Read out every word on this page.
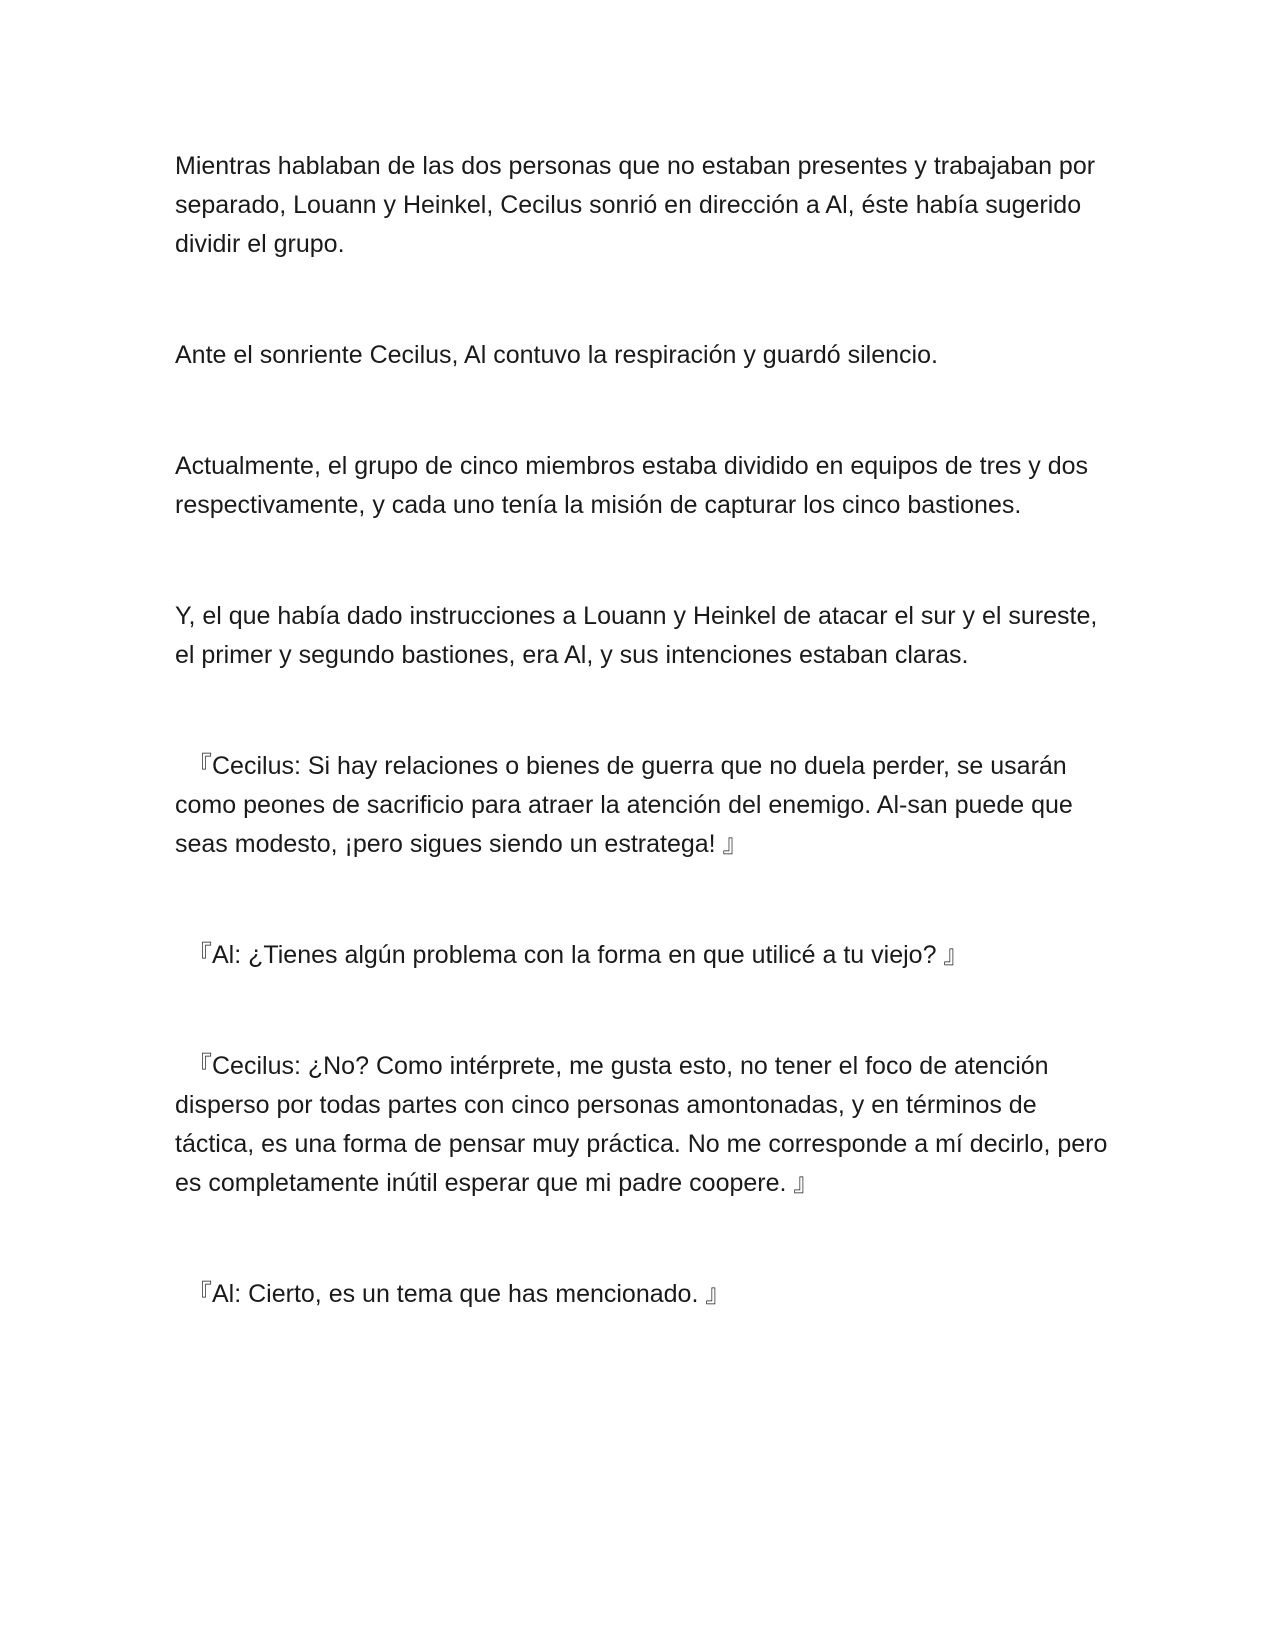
Mientras hablaban de las dos personas que no estaban presentes y trabajaban por separado, Louann y Heinkel, Cecilus sonrió en dirección a Al, éste había sugerido dividir el grupo.

Ante el sonriente Cecilus, Al contuvo la respiración y guardó silencio.

Actualmente, el grupo de cinco miembros estaba dividido en equipos de tres y dos respectivamente, y cada uno tenía la misión de capturar los cinco bastiones.

Y, el que había dado instrucciones a Louann y Heinkel de atacar el sur y el sureste, el primer y segundo bastiones, era Al, y sus intenciones estaban claras.

『Cecilus: Si hay relaciones o bienes de guerra que no duela perder, se usarán como peones de sacrificio para atraer la atención del enemigo. Al-san puede que seas modesto, ¡pero sigues siendo un estratega! 』

『Al: ¿Tienes algún problema con la forma en que utilicé a tu viejo? 』

『Cecilus: ¿No? Como intérprete, me gusta esto, no tener el foco de atención disperso por todas partes con cinco personas amontonadas, y en términos de táctica, es una forma de pensar muy práctica. No me corresponde a mí decirlo, pero es completamente inútil esperar que mi padre coopere. 』

『Al: Cierto, es un tema que has mencionado. 』
